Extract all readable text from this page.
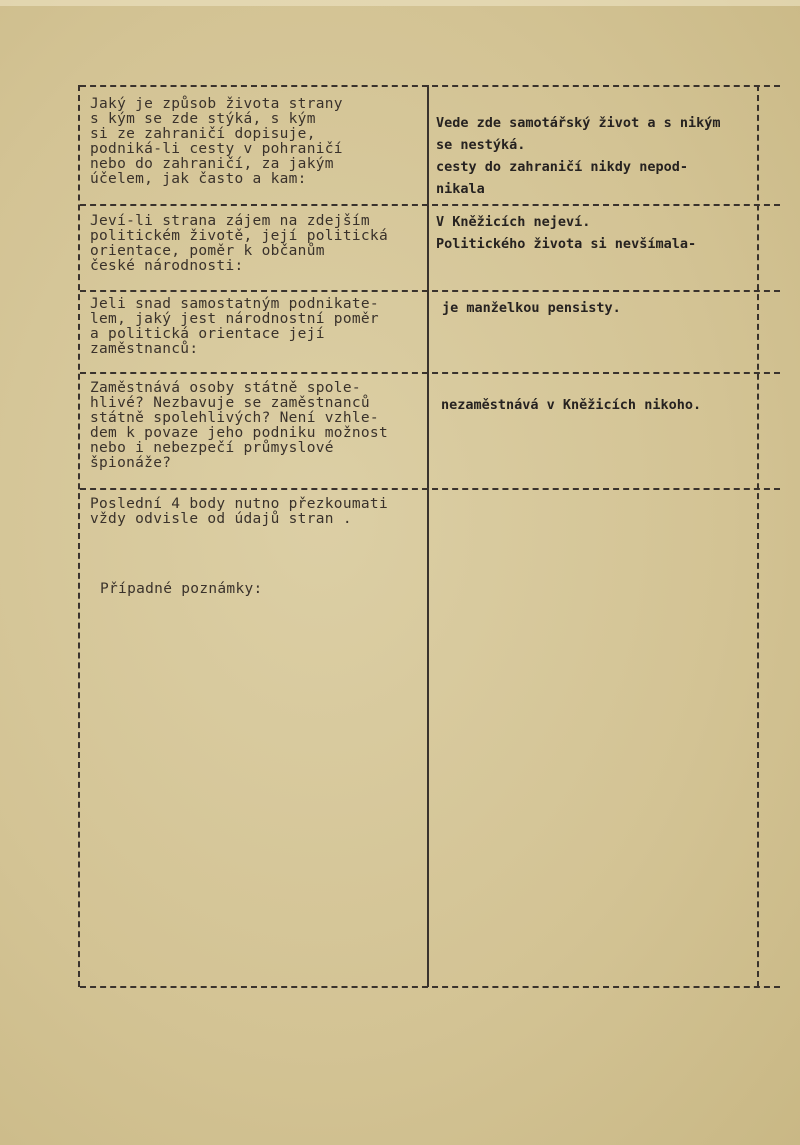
Jaký je způsob života strany
s kým se zde stýká, s kým
si ze zahraničí dopisuje,
podniká-li cesty v pohraničí
nebo do zahraničí, za jakým
účelem, jak často a kam:
Vede zde samotářský život a s nikým
se nestýká.
cesty do zahraničí nikdy nepod-
nikala
Jeví-li strana zájem na zdejším
politickém životě, její politická
orientace, poměr k občanům
české národnosti:
V Kněžicích nejeví.
Politického života si nevšímala-
Jeli snad samostatným podnikate-
lem, jaký jest národnostní poměr
a politická orientace její
zaměstnanců:
je manželkou pensisty.
Zaměstnává osoby státně spole-
hlivé? Nezbavuje se zaměstnanců
státně spolehlivých? Není vzhle-
dem k povaze jeho podniku možnost
nebo i nebezpečí průmyslové
špionáže?
nezaměstnává v Kněžicích nikoho.
Poslední 4 body nutno přezkoumati
vždy odvisle od údajů stran .
Případné poznámky:
